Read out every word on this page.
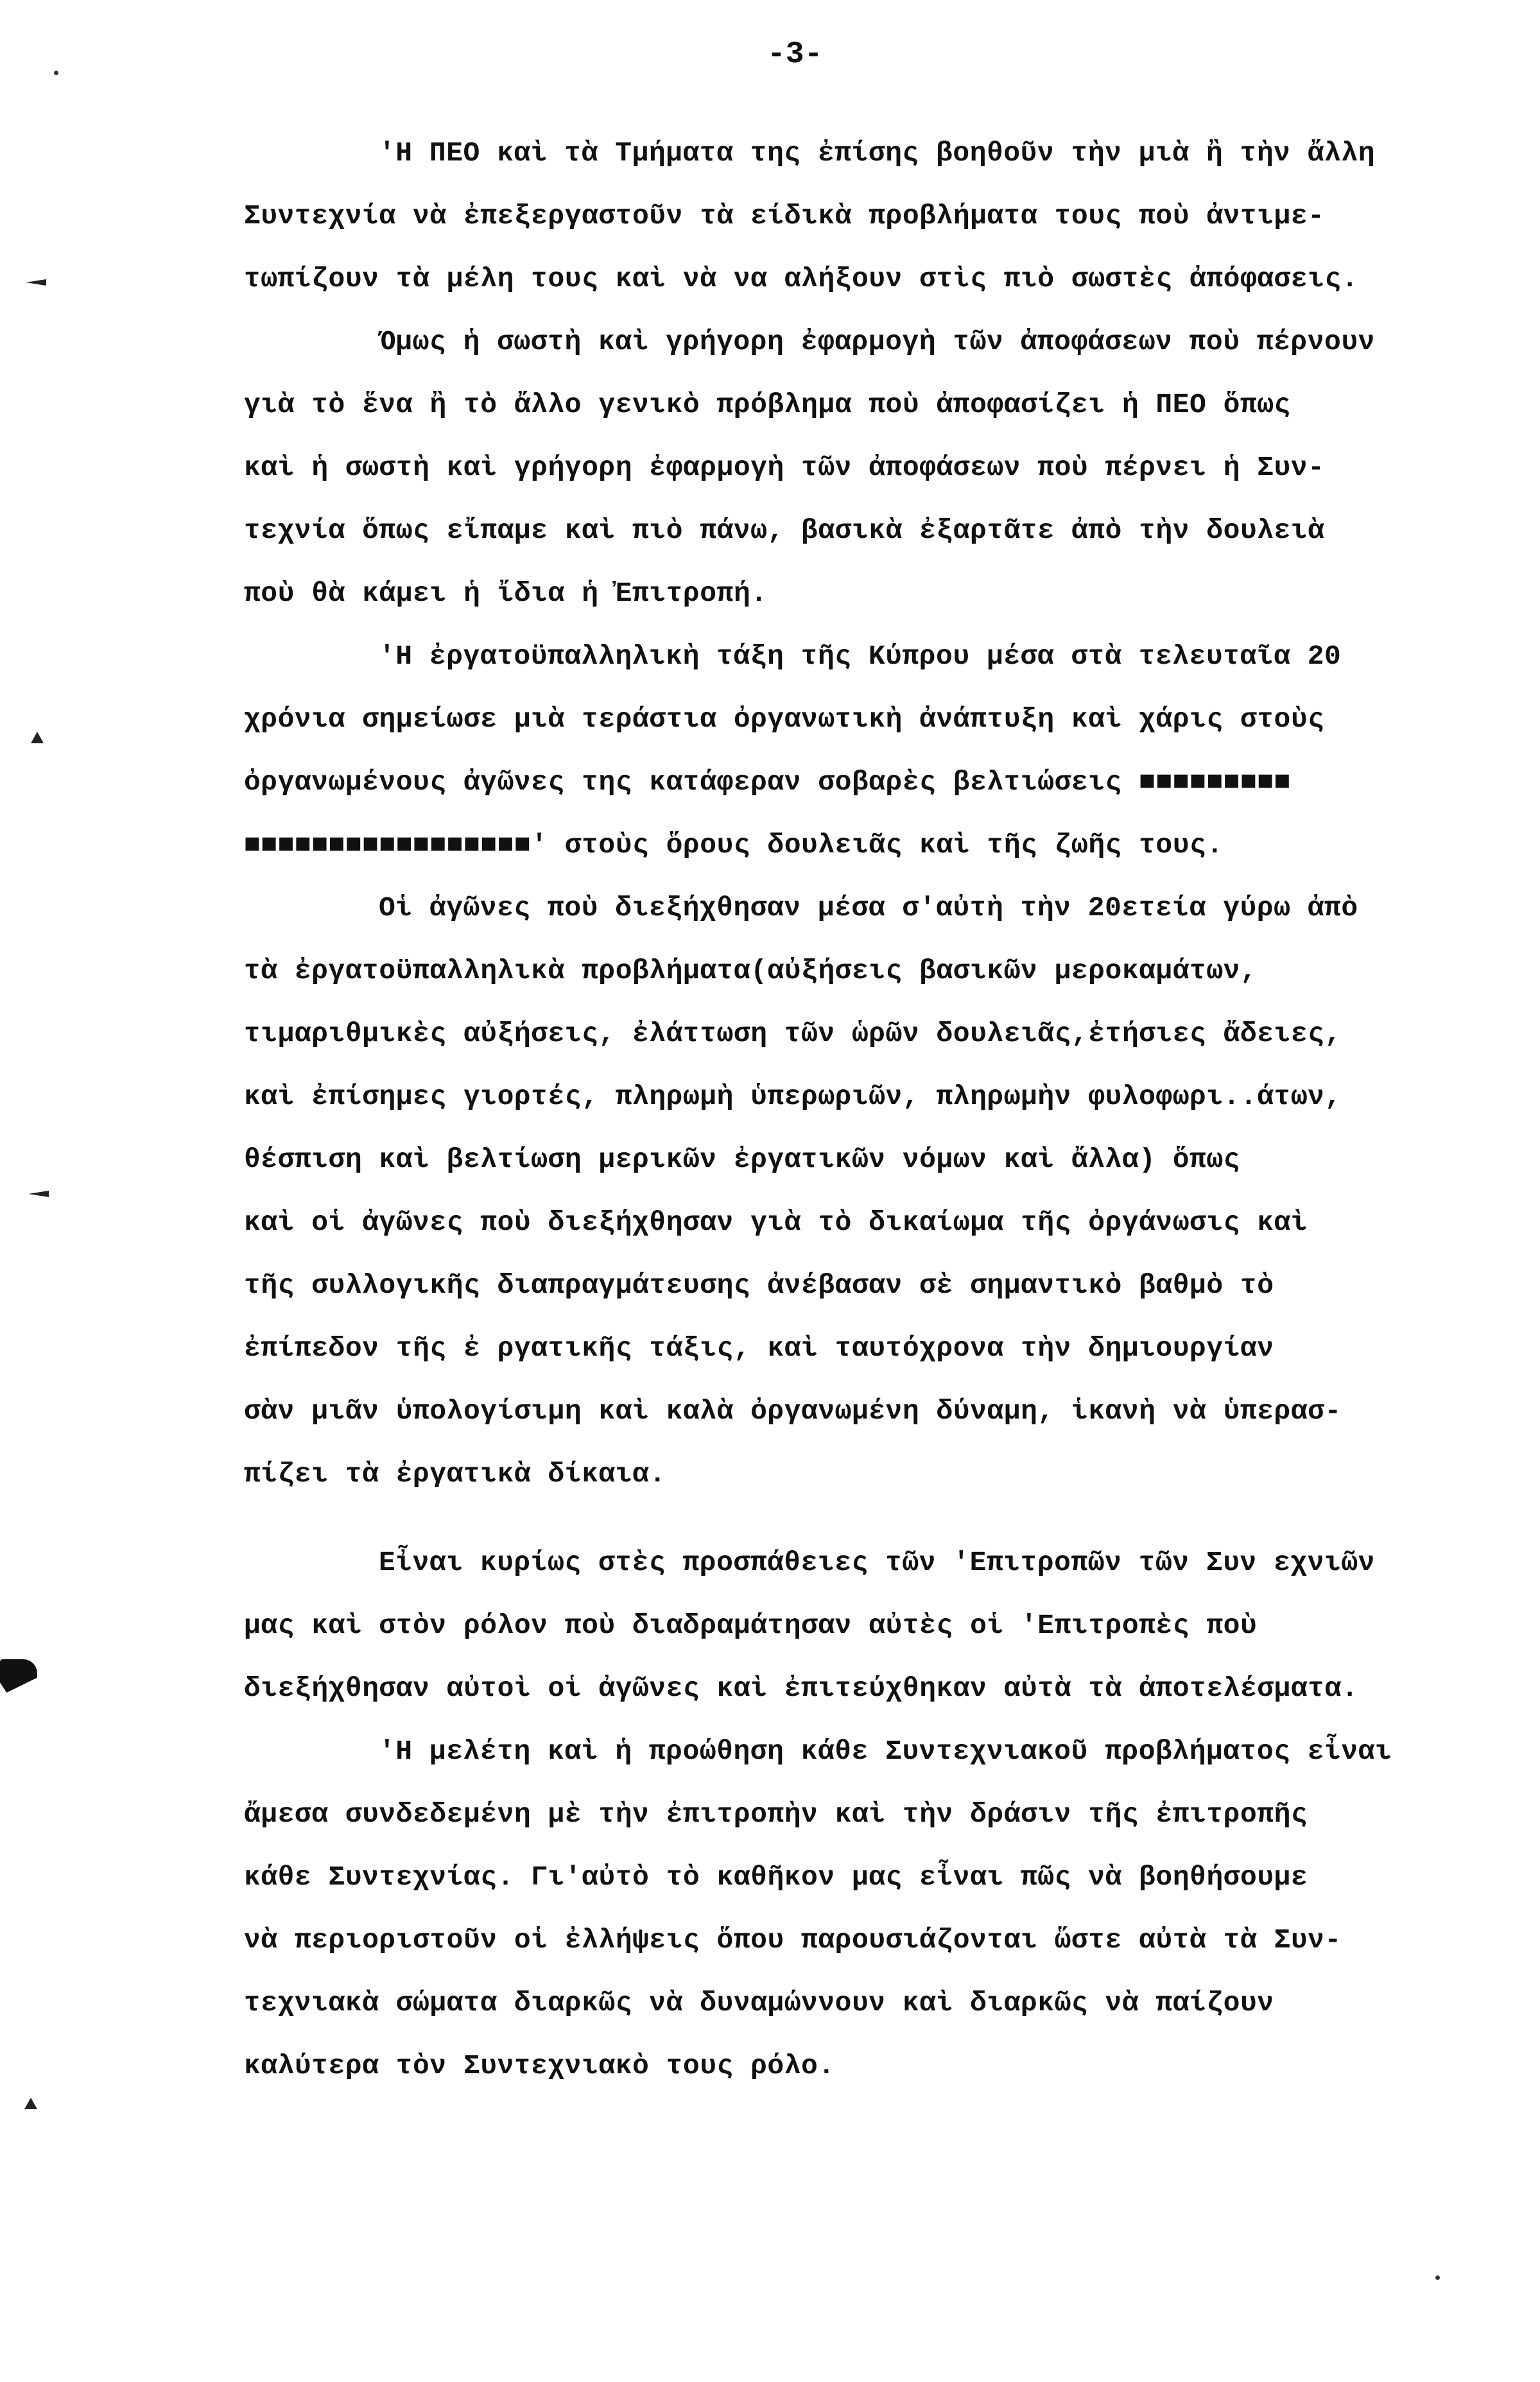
-3-
'Η ΠΕΟ καὶ τὰ Τμήματα της ἐπίσης βοηθοῦν τὴν μιὰ ἢ τὴν ἄλλη
Συντεχνία νὰ ἐπεξεργαστοῦν τὰ είδικὰ προβλήματα τους ποὺ ἀντιμε-
τωπίζουν τὰ μέλη τους καὶ νὰ να αλήξουν στὶς πιὸ σωστὲς ἀπόφασεις.
Όμως ἡ σωστὴ καὶ γρήγορη ἐφαρμογὴ τῶν ἀποφάσεων ποὺ πέρνουν
γιὰ τὸ ἕνα ἢ τὸ ἄλλο γενικὸ πρόβλημα ποὺ ἀποφασίζει ἡ ΠΕΟ ὅπως
καὶ ἡ σωστὴ καὶ γρήγορη ἐφαρμογὴ τῶν ἀποφάσεων ποὺ πέρνει ἡ Συν-
τεχνία ὅπως εἴπαμε καὶ πιὸ πάνω, βασικὰ ἐξαρτᾶτε ἀπὸ τὴν δουλειὰ
ποὺ θὰ κάμει ἡ ἴδια ἡ Ἐπιτροπή.
'Η ἐργατοϋπαλληλικὴ τάξη τῆς Κύπρου μέσα στὰ τελευταῖα 20
χρόνια σημείωσε μιὰ τεράστια ὀργανωτικὴ ἀνάπτυξη καὶ χάρις στοὺς
ὀργανωμένους ἀγῶνες της κατάφεραν σοβαρὲς βελτιώσεις ■■■■■■■■■
■■■■■■■■■■■■■■■■■' στοὺς ὅρους δουλειᾶς καὶ τῆς ζωῆς τους.
Οἱ ἀγῶνες ποὺ διεξήχθησαν μέσα σ'αὐτὴ τὴν 20ετεία γύρω ἀπὸ
τὰ ἐργατοϋπαλληλικὰ προβλήματα(αὐξήσεις βασικῶν μεροκαμάτων,
τιμαριθμικὲς αὐξήσεις, ἐλάττωση τῶν ὡρῶν δουλειᾶς,ἐτήσιες ἄδειες,
καὶ ἐπίσημες γιορτές, πληρωμὴ ὑπερωριῶν, πληρωμὴν φυλοφωρι..άτων,
θέσπιση καὶ βελτίωση μερικῶν ἐργατικῶν νόμων καὶ ἄλλα) ὅπως
καὶ οἱ ἀγῶνες ποὺ διεξήχθησαν γιὰ τὸ δικαίωμα τῆς ὀργάνωσις καὶ
τῆς συλλογικῆς διαπραγμάτευσης ἀνέβασαν σὲ σημαντικὸ βαθμὸ τὸ
ἐπίπεδον τῆς ἐ ργατικῆς τάξις, καὶ ταυτόχρονα τὴν δημιουργίαν
σὰν μιᾶν ὑπολογίσιμη καὶ καλὰ ὀργανωμένη δύναμη, ἱκανὴ νὰ ὑπερασ-
πίζει τὰ ἐργατικὰ δίκαια.
Εἶναι κυρίως στὲς προσπάθειες τῶν 'Επιτροπῶν τῶν Συν εχνιῶν
μας καὶ στὸν ρόλον ποὺ διαδραμάτησαν αὐτὲς οἱ 'Επιτροπὲς ποὺ
διεξήχθησαν αὐτοὶ οἱ ἀγῶνες καὶ ἐπιτεύχθηκαν αὐτὰ τὰ ἀποτελέσματα.
'Η μελέτη καὶ ἡ προώθηση κάθε Συντεχνιακοῦ προβλήματος εἶναι
ἄμεσα συνδεδεμένη μὲ τὴν ἐπιτροπὴν καὶ τὴν δράσιν τῆς ἐπιτροπῆς
κάθε Συντεχνίας. Γι'αὐτὸ τὸ καθῆκον μας εἶναι πῶς νὰ βοηθήσουμε
νὰ περιοριστοῦν οἱ ἐλλήψεις ὅπου παρουσιάζονται ὥστε αὐτὰ τὰ Συν-
τεχνιακὰ σώματα διαρκῶς νὰ δυναμώννουν καὶ διαρκῶς νὰ παίζουν
καλύτερα τὸν Συντεχνιακὸ τους ρόλο.
